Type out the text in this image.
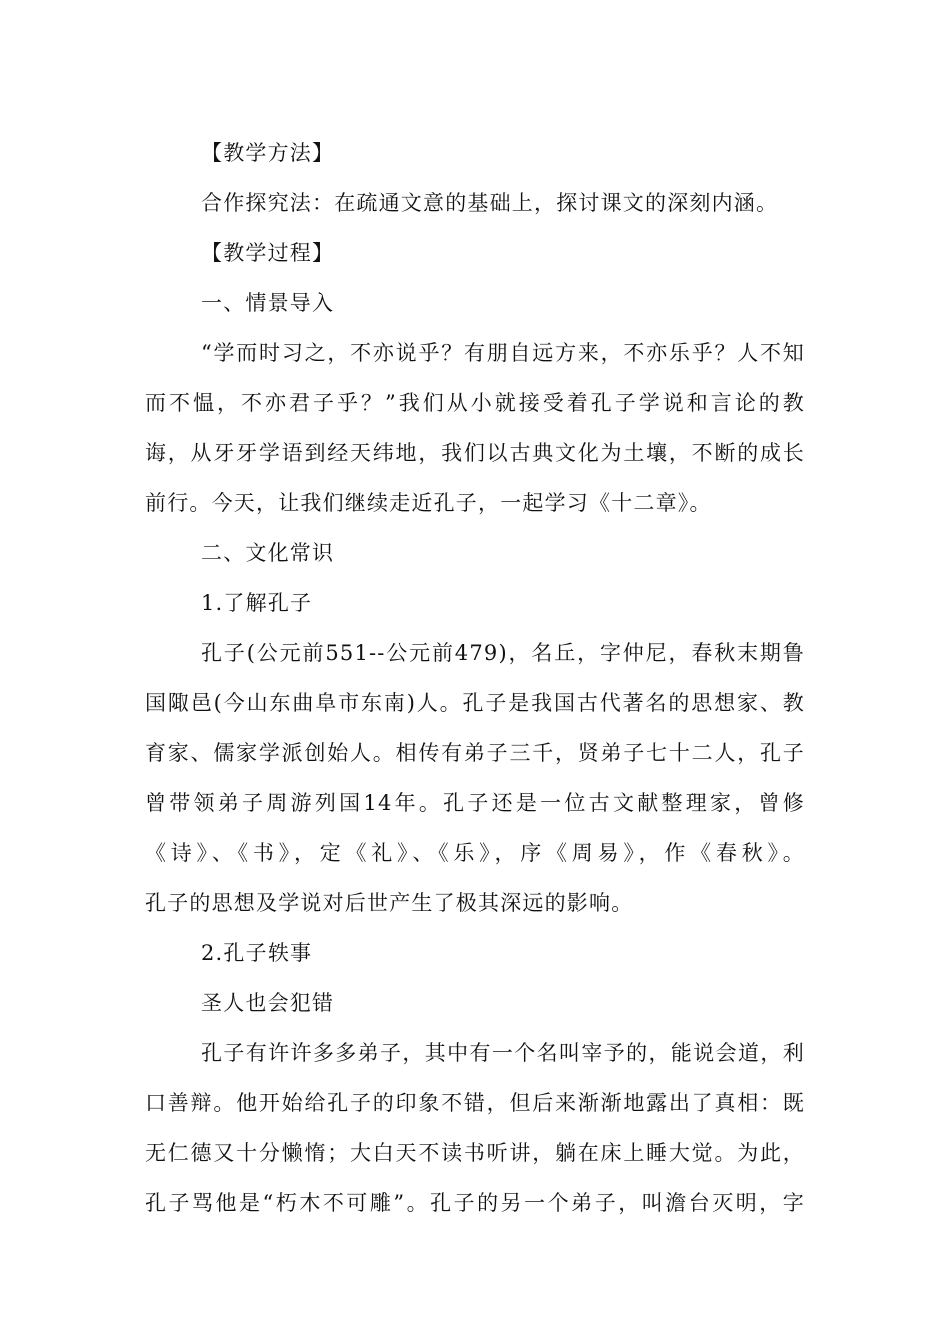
【教学方法】
合作探究法：在疏通文意的基础上，探讨课文的深刻内涵。
【教学过程】
一、情景导入
“学而时习之，不亦说乎？有朋自远方来，不亦乐乎？人不知
而不愠，不亦君子乎？”我们从小就接受着孔子学说和言论的教
诲，从牙牙学语到经天纬地，我们以古典文化为土壤，不断的成长
前行。今天，让我们继续走近孔子，一起学习《十二章》。
二、文化常识
1.了解孔子
孔子(公元前551--公元前479)，名丘，字仲尼，春秋末期鲁
国陬邑(今山东曲阜市东南)人。孔子是我国古代著名的思想家、教
育家、儒家学派创始人。相传有弟子三千，贤弟子七十二人，孔子
曾带领弟子周游列国14年。孔子还是一位古文献整理家，曾修
《诗》、《书》，定《礼》、《乐》，序《周易》，作《春秋》。
孔子的思想及学说对后世产生了极其深远的影响。
2.孔子轶事
圣人也会犯错
孔子有许许多多弟子，其中有一个名叫宰予的，能说会道，利
口善辩。他开始给孔子的印象不错，但后来渐渐地露出了真相：既
无仁德又十分懒惰；大白天不读书听讲，躺在床上睡大觉。为此，
孔子骂他是“朽木不可雕”。孔子的另一个弟子，叫澹台灭明，字
